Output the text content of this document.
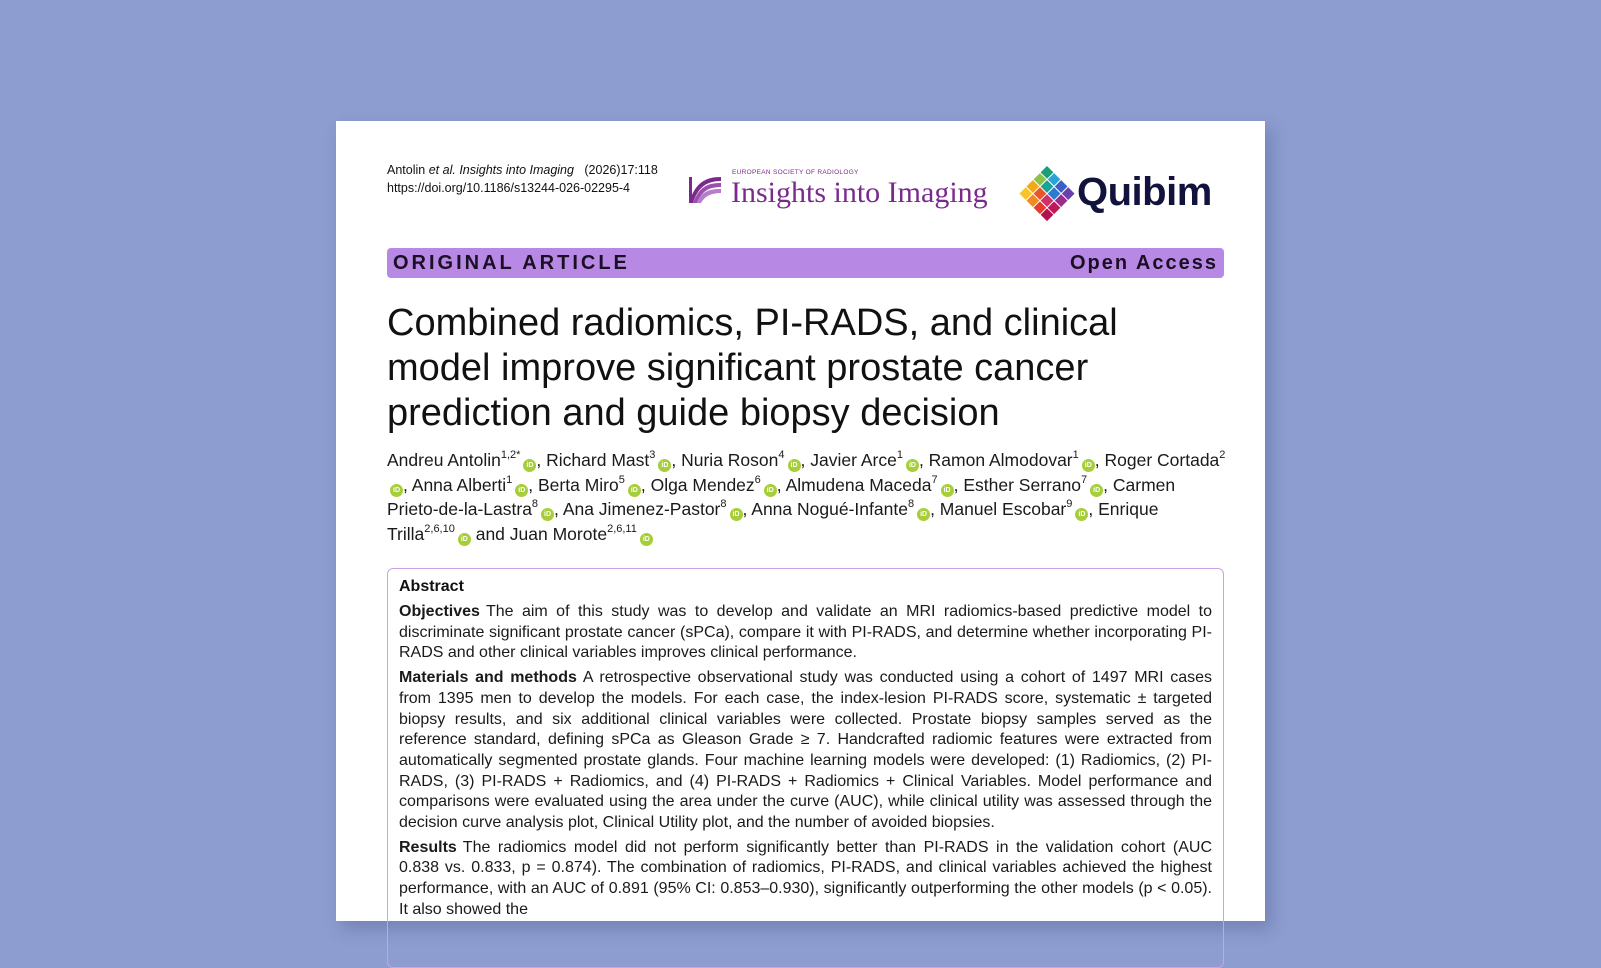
Antolin et al. Insights into Imaging (2026)17:118
https://doi.org/10.1186/s13244-026-02295-4
EUROPEAN SOCIETY OF RADIOLOGY
Insights into Imaging Quibim
ORIGINAL ARTICLE	Open Access
Combined radiomics, PI-RADS, and clinical model improve significant prostate cancer prediction and guide biopsy decision
Andreu Antolin$^{1,2*}$iD , Richard Mast$^3$iD , Nuria Roson$^4$iD , Javier Arce$^1$iD , Ramon Almodovar$^1$iD , Roger Cortada$^2$iD , Anna Alberti$^1$iD , Berta Miro$^5$iD , Olga Mendez$^6$iD , Almudena Maceda$^7$iD , Esther Serrano$^7$iD , Carmen Prieto-de-la-Lastra$^8$iD , Ana Jimenez-Pastor$^8$iD , Anna Nogué-Infante$^8$iD , Manuel Escobar$^9$iD , Enrique Trilla$^{2,6,10}$iD and Juan Morote$^{2,6,11}$iD
Abstract
Objectives The aim of this study was to develop and validate an MRI radiomics-based predictive model to discriminate significant prostate cancer (sPCa), compare it with PI-RADS, and determine whether incorporating PI-RADS and other clinical variables improves clinical performance.
Materials and methods A retrospective observational study was conducted using a cohort of 1497 MRI cases from 1395 men to develop the models. For each case, the index-lesion PI-RADS score, systematic ± targeted biopsy results, and six additional clinical variables were collected. Prostate biopsy samples served as the reference standard, defining sPCa as Gleason Grade ≥ 7. Handcrafted radiomic features were extracted from automatically segmented prostate glands. Four machine learning models were developed: (1) Radiomics, (2) PI-RADS, (3) PI-RADS + Radiomics, and (4) PI-RADS + Radiomics + Clinical Variables. Model performance and comparisons were evaluated using the area under the curve (AUC), while clinical utility was assessed through the decision curve analysis plot, Clinical Utility plot, and the number of avoided biopsies.
Results The radiomics model did not perform significantly better than PI-RADS in the validation cohort (AUC 0.838 vs. 0.833, p = 0.874). The combination of radiomics, PI-RADS, and clinical variables achieved the highest performance, with an AUC of 0.891 (95% CI: 0.853–0.930), significantly outperforming the other models (p < 0.05). It also showed the
